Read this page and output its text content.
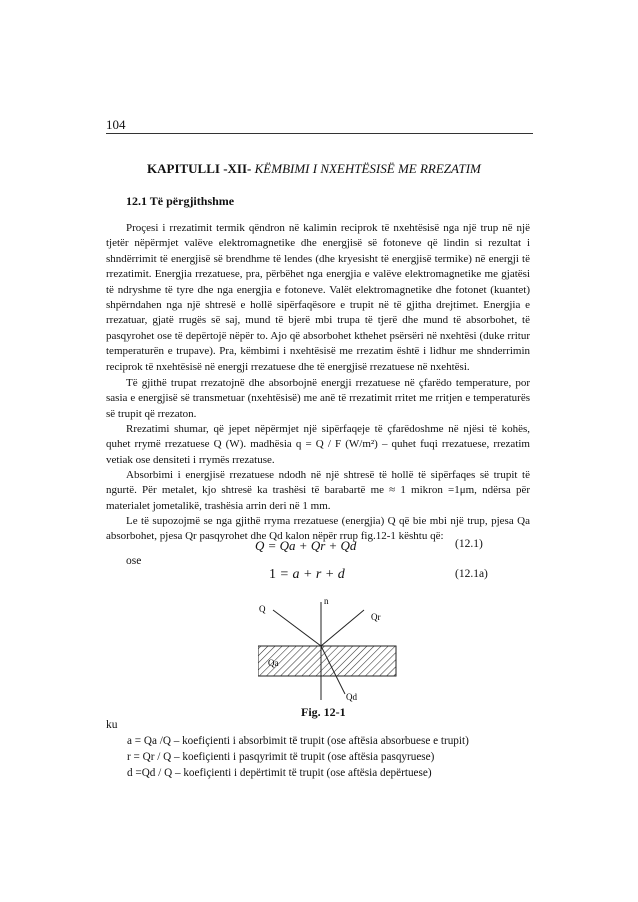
104
KAPITULLI -XII- KËMBIMI I NXEHTËSISË ME RREZATIM
12.1 Të përgjithshme

Proçesi i rrezatimit termik qëndron në kalimin reciprok të nxehtësisë nga një trup në një tjetër nëpërmjet valëve elektromagnetike dhe energjisë së fotoneve që lindin si rezultat i shndërrimit të energjisë së brendhme të lendes (dhe kryesisht të energjisë termike) në energji të rrezatimit. Energjia rrezatuese, pra, përbëhet nga energjia e valëve elektromagnetike me gjatësi të ndryshme të tyre dhe nga energjia e fotoneve. Valët elektromagnetike dhe fotonet (kuantet) shpërndahen nga një shtresë e hollë sipërfaqësore e trupit në të gjitha drejtimet. Energjia e rrezatuar, gjatë rrugës së saj, mund të bjerë mbi trupa të tjerë dhe mund të absorbohet, të pasqyrohet ose të depërtojë nëpër to. Ajo që absorbohet kthehet psërsëri në nxehtësi (duke rritur temperaturën e trupave). Pra, këmbimi i nxehtësisë me rrezatim është i lidhur me shnderrimin reciprok të nxehtësisë në energji rrezatuese dhe të energjisë rrezatuese në nxehtësi.

Të gjithë trupat rrezatojnë dhe absorbojnë energji rrezatuese në çfarëdo temperature, por sasia e energjisë së transmetuar (nxehtësisë) me anë të rrezatimit rritet me rritjen e temperaturës së trupit që rrezaton.

Rrezatimi shumar, që jepet nëpërmjet një sipërfaqeje të çfarëdoshme në njësi të kohës, quhet rrymë rrezatuese Q (W). madhësia q = Q / F (W/m²) – quhet fuqi rrezatuese, rrezatim vetiak ose densiteti i rrymës rrezatuse.

Absorbimi i energjisë rrezatuese ndodh në një shtresë të hollë të sipërfaqes së trupit të ngurtë. Për metalet, kjo shtresë ka trashësi të barabartë me ≈ 1 mikron =1μm, ndërsa për materialet jometalikë, trashësia arrin deri në 1 mm.

Le të supozojmë se nga gjithë rryma rrezatuese (energjia) Q që bie mbi një trup, pjesa Qa absorbohet, pjesa Qr pasqyrohet dhe Qd kalon nëpër rrup fig.12-1 kështu që:

Q = Qa + Qr + Qd	(12.1)
ose
1 = a + r + d	(12.1a)
Q
n
Qr
Qa
Qd
Fig. 12-1
ku
a = Qa /Q – koefiçienti i absorbimit të trupit (ose aftësia absorbuese e trupit)
r = Qr / Q – koefiçienti i pasqyrimit të trupit (ose aftësia pasqyruese)
d =Qd / Q – koefiçienti i depërtimit të trupit (ose aftësia depërtuese)
